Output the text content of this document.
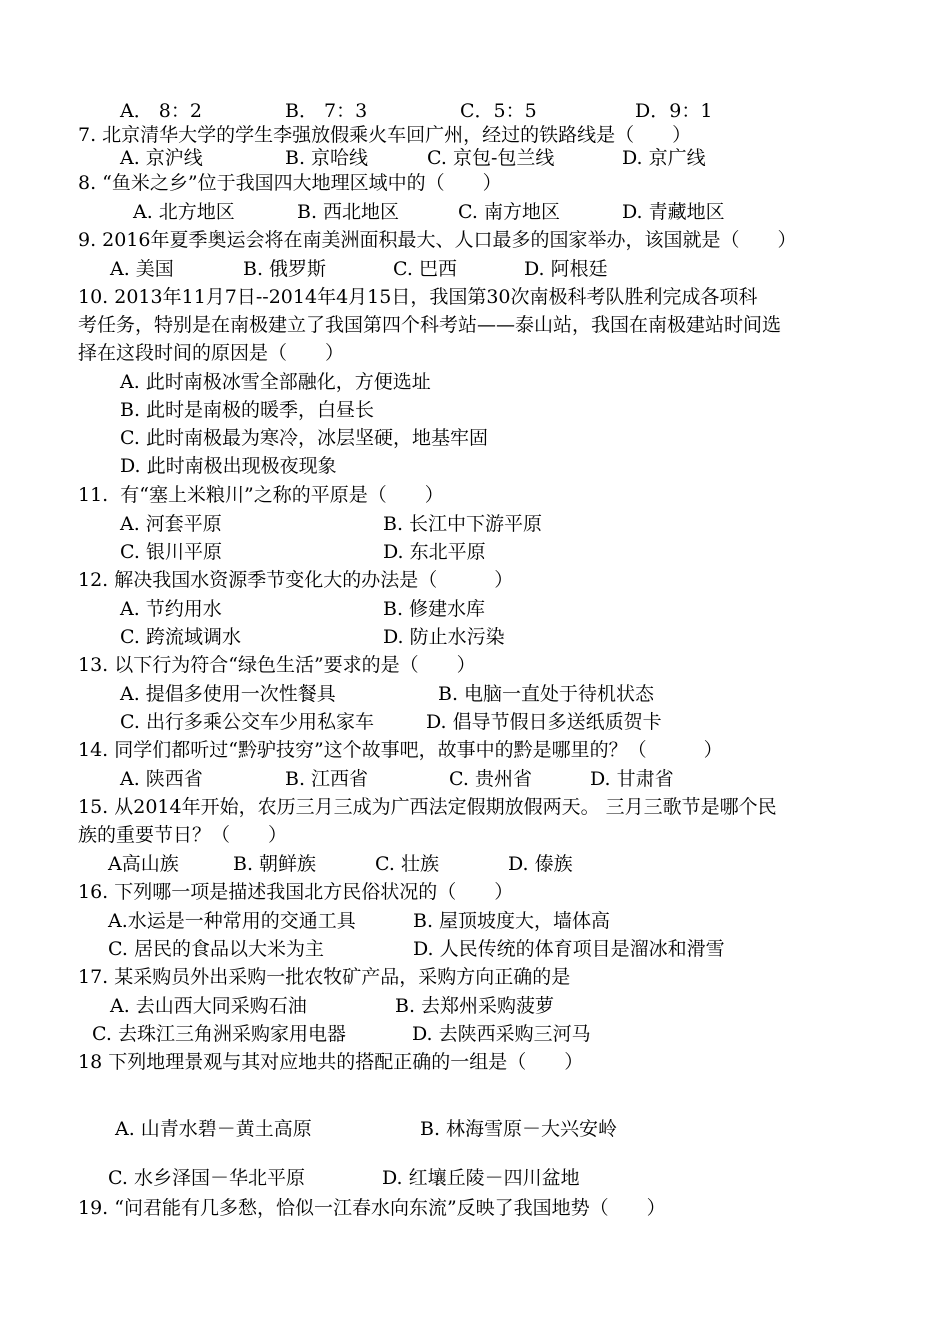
A． 8：2	B． 7：3	C．5：5	D．9：1
7. 北京清华大学的学生李强放假乘火车回广州，经过的铁路线是（　　）
A. 京沪线	B. 京哈线	C. 京包-包兰线	D. 京广线
8. “鱼米之乡”位于我国四大地理区域中的（　　）
A. 北方地区	B. 西北地区	C. 南方地区	D. 青藏地区
9. 2016年夏季奥运会将在南美洲面积最大、人口最多的国家举办，该国就是（　　）
A. 美国	B. 俄罗斯	C. 巴西	D. 阿根廷
10. 2013年11月7日--2014年4月15日，我国第30次南极科考队胜利完成各项科
考任务，特别是在南极建立了我国第四个科考站——泰山站，我国在南极建站时间选
择在这段时间的原因是（　　）
A. 此时南极冰雪全部融化，方便选址
B. 此时是南极的暖季，白昼长
C. 此时南极最为寒冷，冰层坚硬，地基牢固
D. 此时南极出现极夜现象
11.  有“塞上米粮川”之称的平原是（　　）
A. 河套平原	B. 长江中下游平原
C. 银川平原	D. 东北平原
12. 解决我国水资源季节变化大的办法是（　　　）
A. 节约用水	B. 修建水库
C. 跨流域调水	D. 防止水污染
13. 以下行为符合“绿色生活”要求的是（　　）
A. 提倡多使用一次性餐具	B. 电脑一直处于待机状态
C. 出行多乘公交车少用私家车	D. 倡导节假日多送纸质贺卡
14. 同学们都听过“黔驴技穷”这个故事吧，故事中的黔是哪里的？（　　　）
A. 陕西省	B. 江西省	C. 贵州省	D. 甘肃省
15. 从2014年开始，农历三月三成为广西法定假期放假两天。 三月三歌节是哪个民
族的重要节日？（　　）
A高山族	B. 朝鲜族	C. 壮族	D. 傣族
16. 下列哪一项是描述我国北方民俗状况的（　　）
A.水运是一种常用的交通工具	B. 屋顶坡度大，墙体高
C. 居民的食品以大米为主	D. 人民传统的体育项目是溜冰和滑雪
17. 某采购员外出采购一批农牧矿产品，采购方向正确的是
A. 去山西大同采购石油	B. 去郑州采购菠萝
C. 去珠江三角洲采购家用电器	D. 去陕西采购三河马
18 下列地理景观与其对应地共的搭配正确的一组是（　　）
A. 山青水碧－黄土高原	B. 林海雪原－大兴安岭
C. 水乡泽国－华北平原	D. 红壤丘陵－四川盆地
19. “问君能有几多愁，恰似一江春水向东流”反映了我国地势（　　）
